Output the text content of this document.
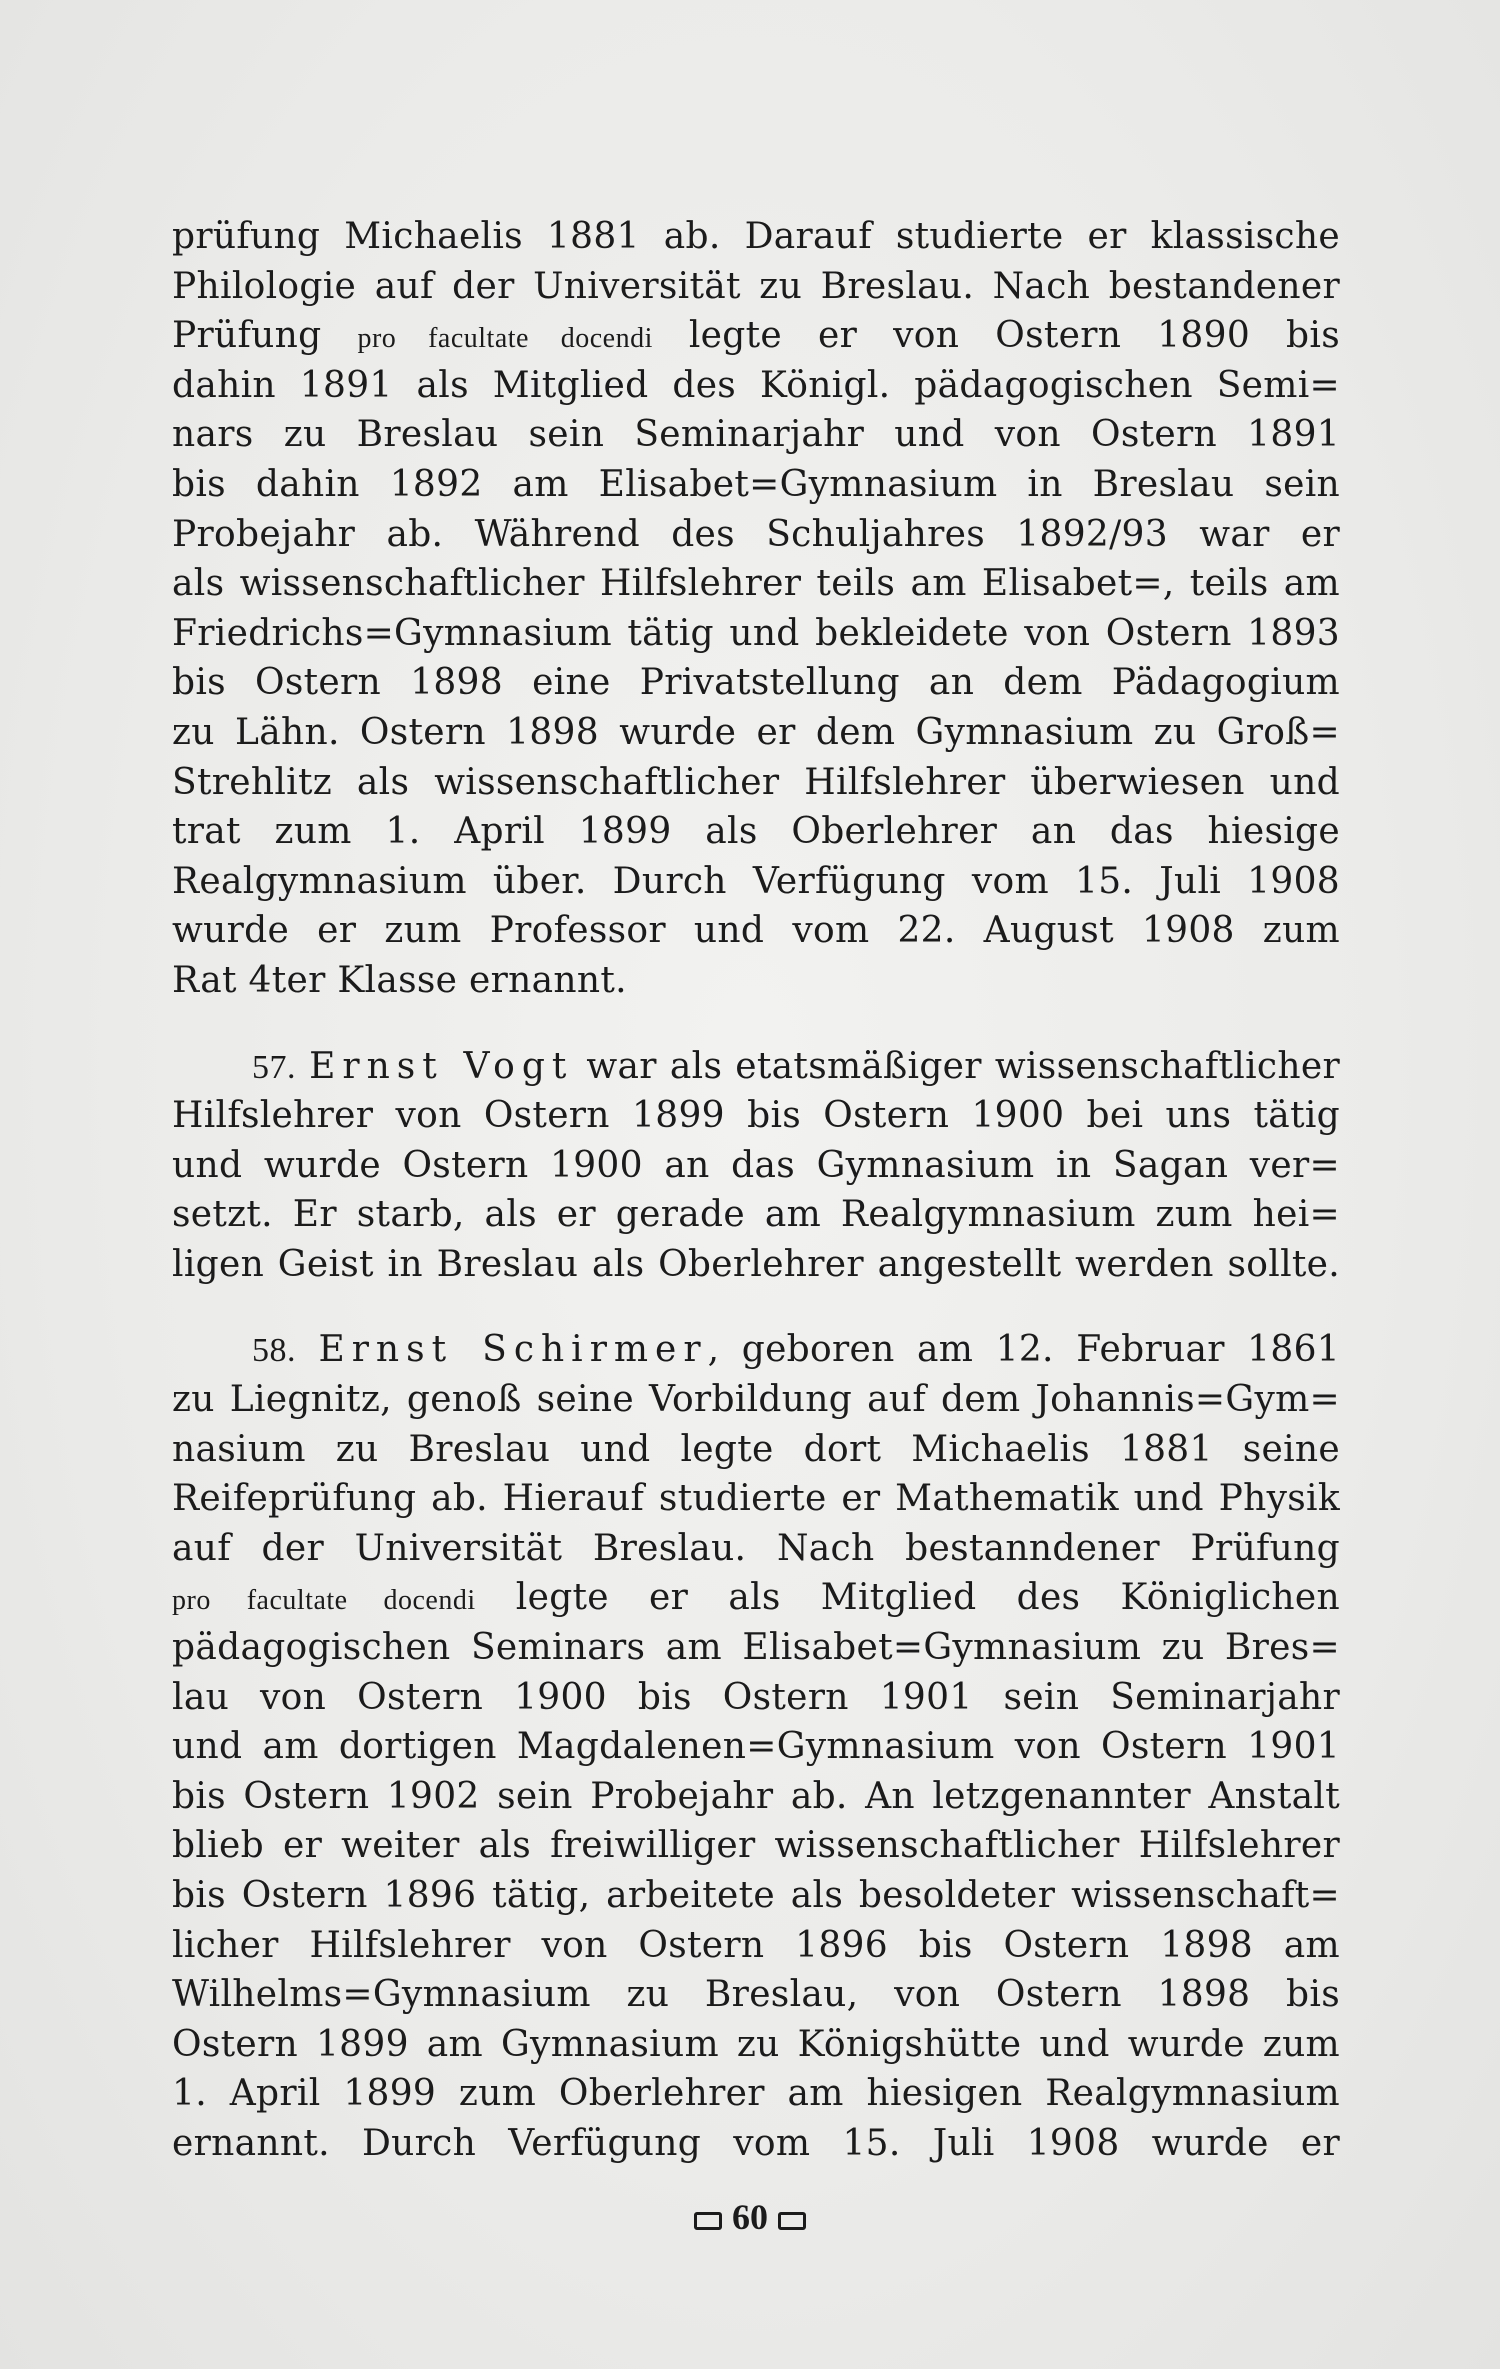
prüfung Michaelis 1881 ab. Darauf studierte er klassische
Philologie auf der Universität zu Breslau. Nach bestandener
Prüfung pro facultate docendi legte er von Ostern 1890 bis
dahin 1891 als Mitglied des Königl. pädagogischen Semi=
nars zu Breslau sein Seminarjahr und von Ostern 1891
bis dahin 1892 am Elisabet=Gymnasium in Breslau sein
Probejahr ab. Während des Schuljahres 1892/93 war er
als wissenschaftlicher Hilfslehrer teils am Elisabet=, teils am
Friedrichs=Gymnasium tätig und bekleidete von Ostern 1893
bis Ostern 1898 eine Privatstellung an dem Pädagogium
zu Lähn. Ostern 1898 wurde er dem Gymnasium zu Groß=
Strehlitz als wissenschaftlicher Hilfslehrer überwiesen und
trat zum 1. April 1899 als Oberlehrer an das hiesige
Realgymnasium über. Durch Verfügung vom 15. Juli 1908
wurde er zum Professor und vom 22. August 1908 zum
Rat 4ter Klasse ernannt.
57. Ernst Vogt war als etatsmäßiger wissenschaftlicher
Hilfslehrer von Ostern 1899 bis Ostern 1900 bei uns tätig
und wurde Ostern 1900 an das Gymnasium in Sagan ver=
setzt. Er starb, als er gerade am Realgymnasium zum hei=
ligen Geist in Breslau als Oberlehrer angestellt werden sollte.
58. Ernst Schirmer, geboren am 12. Februar 1861
zu Liegnitz, genoß seine Vorbildung auf dem Johannis=Gym=
nasium zu Breslau und legte dort Michaelis 1881 seine
Reifeprüfung ab. Hierauf studierte er Mathematik und Physik
auf der Universität Breslau. Nach bestanndener Prüfung
pro facultate docendi legte er als Mitglied des Königlichen
pädagogischen Seminars am Elisabet=Gymnasium zu Bres=
lau von Ostern 1900 bis Ostern 1901 sein Seminarjahr
und am dortigen Magdalenen=Gymnasium von Ostern 1901
bis Ostern 1902 sein Probejahr ab. An letzgenannter Anstalt
blieb er weiter als freiwilliger wissenschaftlicher Hilfslehrer
bis Ostern 1896 tätig, arbeitete als besoldeter wissenschaft=
licher Hilfslehrer von Ostern 1896 bis Ostern 1898 am
Wilhelms=Gymnasium zu Breslau, von Ostern 1898 bis
Ostern 1899 am Gymnasium zu Königshütte und wurde zum
1. April 1899 zum Oberlehrer am hiesigen Realgymnasium
ernannt. Durch Verfügung vom 15. Juli 1908 wurde er
60
